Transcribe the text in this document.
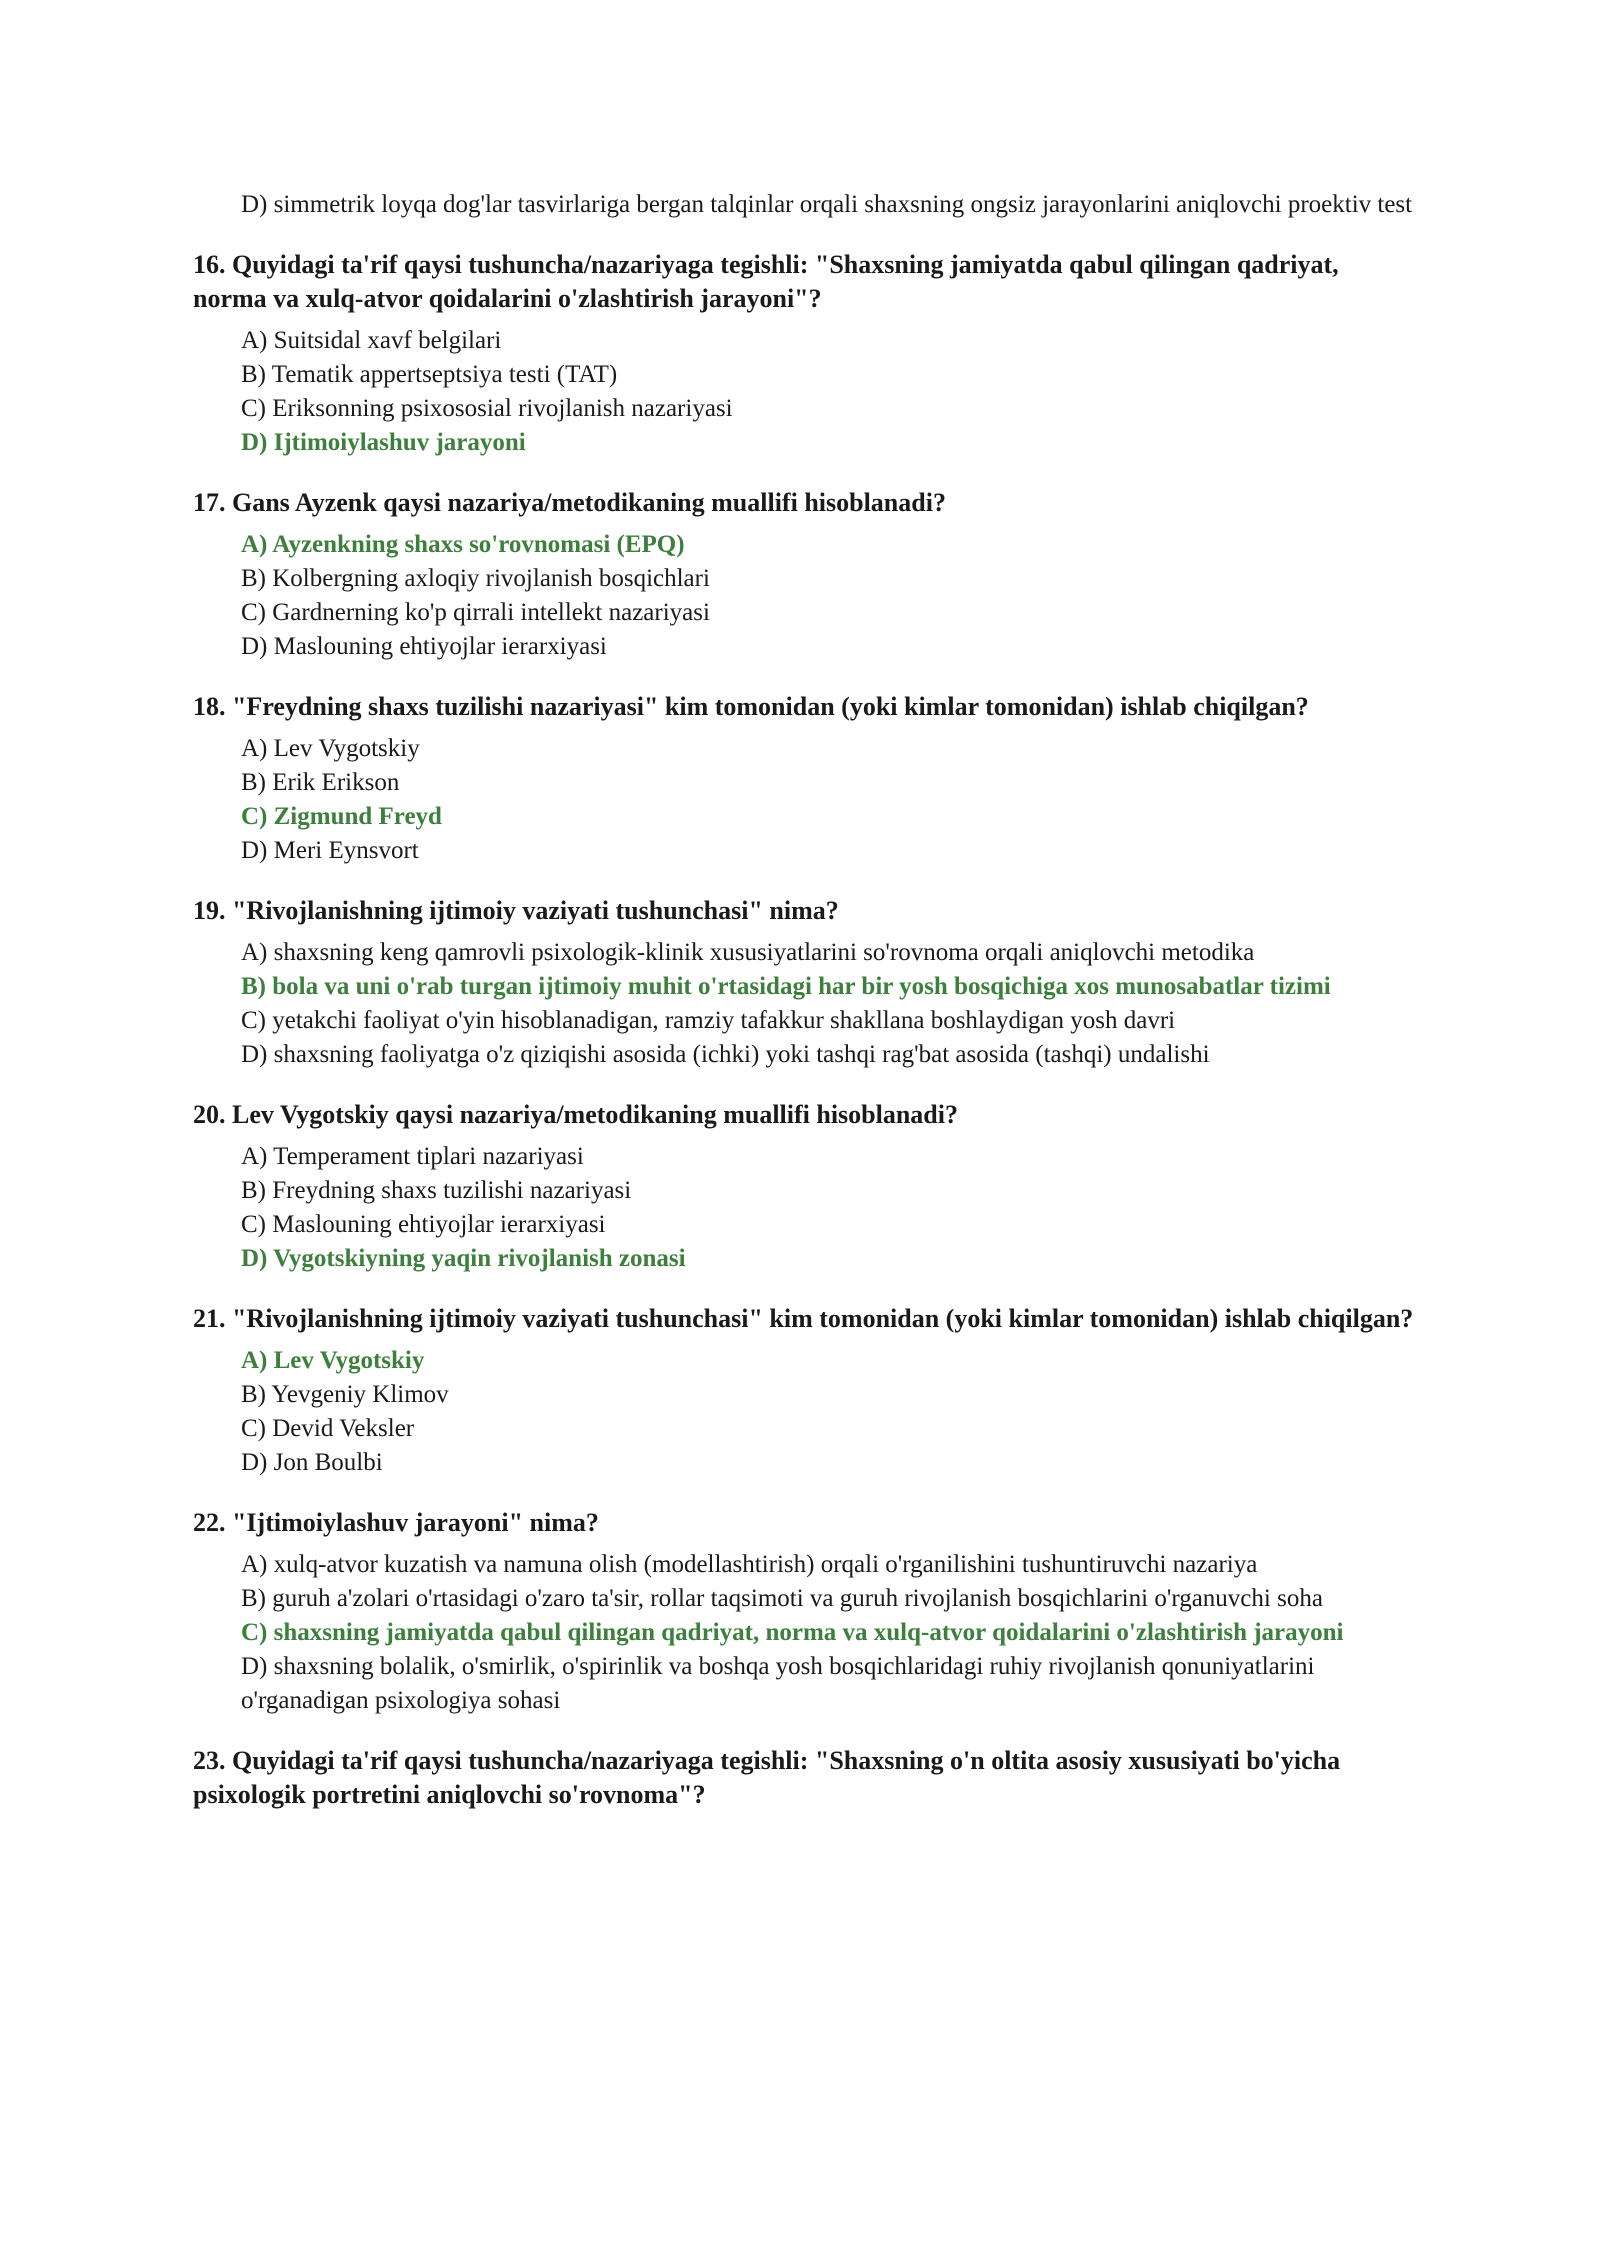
D) simmetrik loyqa dog'lar tasvirlariga bergan talqinlar orqali shaxsning ongsiz jarayonlarini aniqlovchi proektiv test
16. Quyidagi ta'rif qaysi tushuncha/nazariyaga tegishli: "Shaxsning jamiyatda qabul qilingan qadriyat, norma va xulq-atvor qoidalarini o'zlashtirish jarayoni"?
A) Suitsidal xavf belgilari
B) Tematik appertseptsiya testi (TAT)
C) Eriksonning psixososial rivojlanish nazariyasi
D) Ijtimoiylashuv jarayoni
17. Gans Ayzenk qaysi nazariya/metodikaning muallifi hisoblanadi?
A) Ayzenkning shaxs so'rovnomasi (EPQ)
B) Kolbergning axloqiy rivojlanish bosqichlari
C) Gardnerning ko'p qirrali intellekt nazariyasi
D) Maslouning ehtiyojlar ierarxiyasi
18. "Freydning shaxs tuzilishi nazariyasi" kim tomonidan (yoki kimlar tomonidan) ishlab chiqilgan?
A) Lev Vygotskiy
B) Erik Erikson
C) Zigmund Freyd
D) Meri Eynsvort
19. "Rivojlanishning ijtimoiy vaziyati tushunchasi" nima?
A) shaxsning keng qamrovli psixologik-klinik xususiyatlarini so'rovnoma orqali aniqlovchi metodika
B) bola va uni o'rab turgan ijtimoiy muhit o'rtasidagi har bir yosh bosqichiga xos munosabatlar tizimi
C) yetakchi faoliyat o'yin hisoblanadigan, ramziy tafakkur shakllana boshlaydigan yosh davri
D) shaxsning faoliyatga o'z qiziqishi asosida (ichki) yoki tashqi rag'bat asosida (tashqi) undalishi
20. Lev Vygotskiy qaysi nazariya/metodikaning muallifi hisoblanadi?
A) Temperament tiplari nazariyasi
B) Freydning shaxs tuzilishi nazariyasi
C) Maslouning ehtiyojlar ierarxiyasi
D) Vygotskiyning yaqin rivojlanish zonasi
21. "Rivojlanishning ijtimoiy vaziyati tushunchasi" kim tomonidan (yoki kimlar tomonidan) ishlab chiqilgan?
A) Lev Vygotskiy
B) Yevgeniy Klimov
C) Devid Veksler
D) Jon Boulbi
22. "Ijtimoiylashuv jarayoni" nima?
A) xulq-atvor kuzatish va namuna olish (modellashtirish) orqali o'rganilishini tushuntiruvchi nazariya
B) guruh a'zolari o'rtasidagi o'zaro ta'sir, rollar taqsimoti va guruh rivojlanish bosqichlarini o'rganuvchi soha
C) shaxsning jamiyatda qabul qilingan qadriyat, norma va xulq-atvor qoidalarini o'zlashtirish jarayoni
D) shaxsning bolalik, o'smirlik, o'spirinlik va boshqa yosh bosqichlaridagi ruhiy rivojlanish qonuniyatlarini o'rganadigan psixologiya sohasi
23. Quyidagi ta'rif qaysi tushuncha/nazariyaga tegishli: "Shaxsning o'n oltita asosiy xususiyati bo'yicha psixologik portretini aniqlovchi so'rovnoma"?
